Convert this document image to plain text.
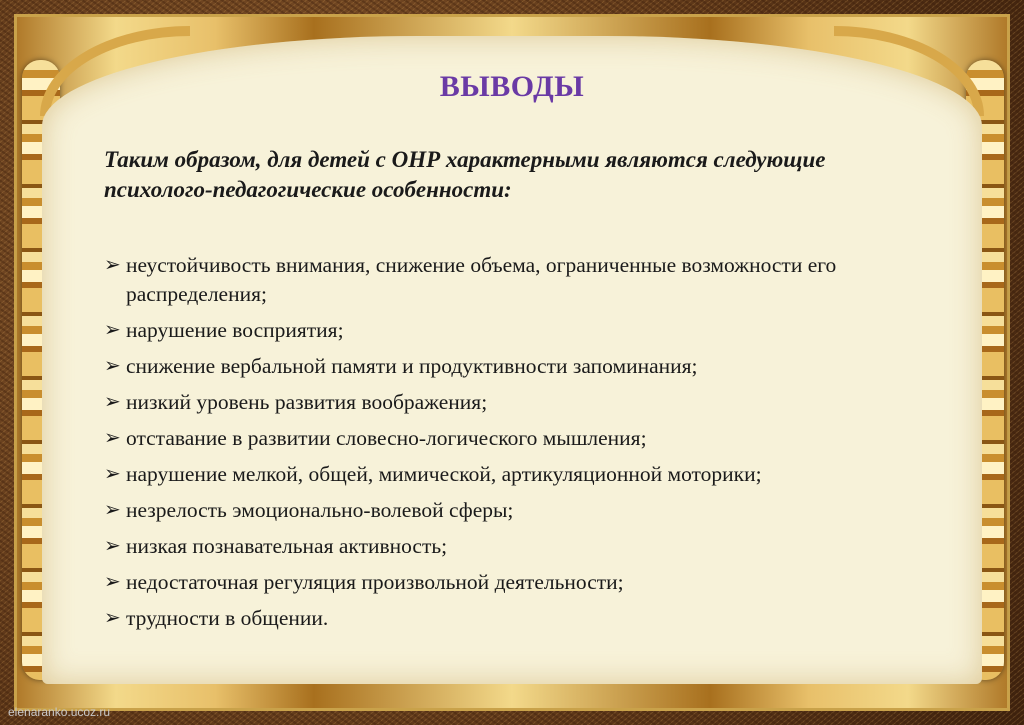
ВЫВОДЫ
Таким образом, для детей с ОНР характерными являются следующие психолого-педагогические особенности:
➢ неустойчивость внимания, снижение объема, ограниченные возможности его распределения;
➢ нарушение восприятия;
➢ снижение вербальной памяти и продуктивности запоминания;
➢ низкий уровень развития воображения;
➢ отставание в развитии словесно-логического мышления;
➢ нарушение мелкой, общей, мимической, артикуляционной моторики;
➢ незрелость эмоционально-волевой сферы;
➢ низкая познавательная активность;
➢ недостаточная регуляция произвольной деятельности;
➢ трудности в общении.
elenaranko.ucoz.ru
